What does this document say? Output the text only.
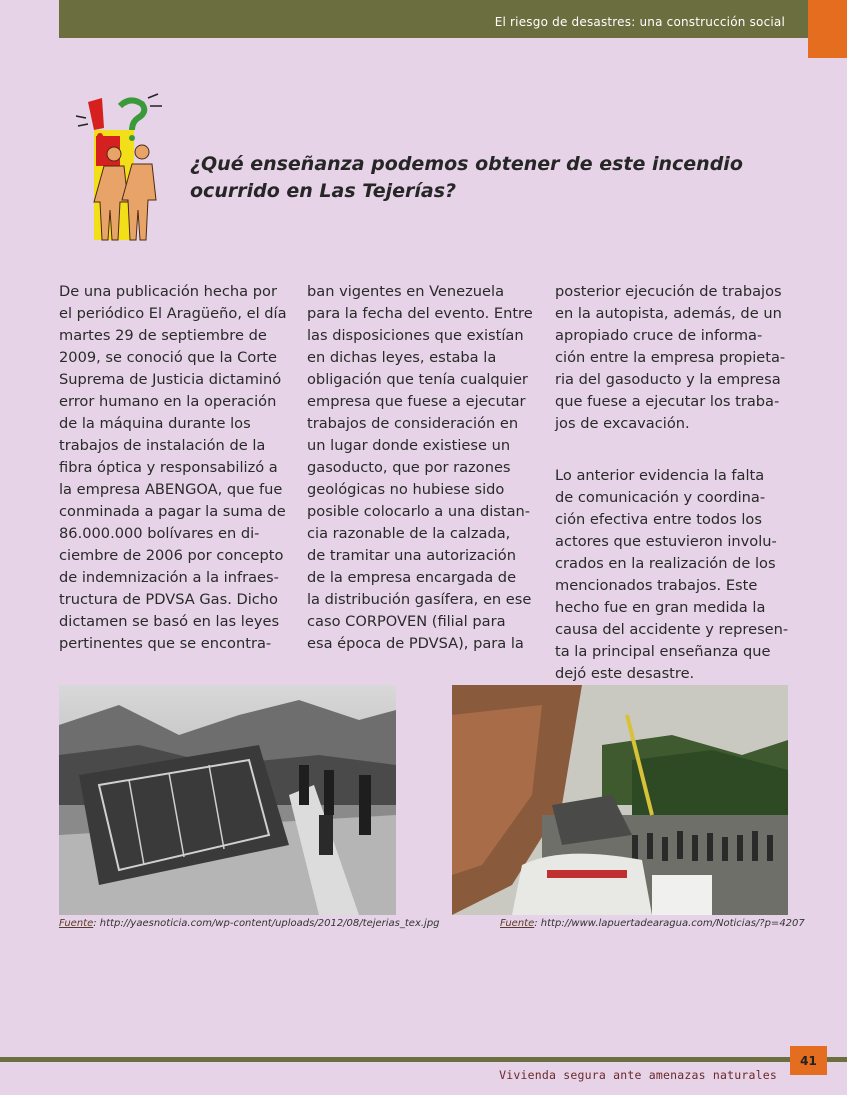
El riesgo de desastres: una construcción social
¿Qué enseñanza podemos obtener de este incendio
ocurrido en Las Tejerías?

De una publicación hecha por
el periódico El Aragüeño, el día
martes 29 de septiembre de
2009, se conoció que la Corte
Suprema de Justicia dictaminó
error humano en la operación
de la máquina durante los
trabajos de instalación de la
fibra óptica y responsabilizó a
la empresa ABENGOA, que fue
conminada a pagar la suma de
86.000.000 bolívares en di-
ciembre de 2006 por concepto
de indemnización a la infraes-
tructura de PDVSA Gas. Dicho
dictamen se basó en las leyes
pertinentes que se encontra-

ban vigentes en Venezuela
para la fecha del evento. Entre
las disposiciones que existían
en dichas leyes, estaba la
obligación que tenía cualquier
empresa que fuese a ejecutar
trabajos de consideración en
un lugar donde existiese un
gasoducto, que por razones
geológicas no hubiese sido
posible colocarlo a una distan-
cia razonable de la calzada,
de tramitar una autorización
de la empresa encargada de
la distribución gasífera, en ese
caso CORPOVEN (filial para
esa época de PDVSA), para la

posterior ejecución de trabajos
en la autopista, además, de un
apropiado cruce de informa-
ción entre la empresa propieta-
ria del gasoducto y la empresa
que fuese a ejecutar los traba-
jos de excavación.

Lo anterior evidencia la falta
de comunicación y coordina-
ción efectiva entre todos los
actores que estuvieron involu-
crados en la realización de los
mencionados trabajos. Este
hecho fue en gran medida la
causa del accidente y represen-
ta la principal enseñanza que
dejó este desastre.

Fuente: http://yaesnoticia.com/wp-content/uploads/2012/08/tejerias_tex.jpg	Fuente: http://www.lapuertadearagua.com/Noticias/?p=4207
Vivienda segura ante amenazas naturales
41
